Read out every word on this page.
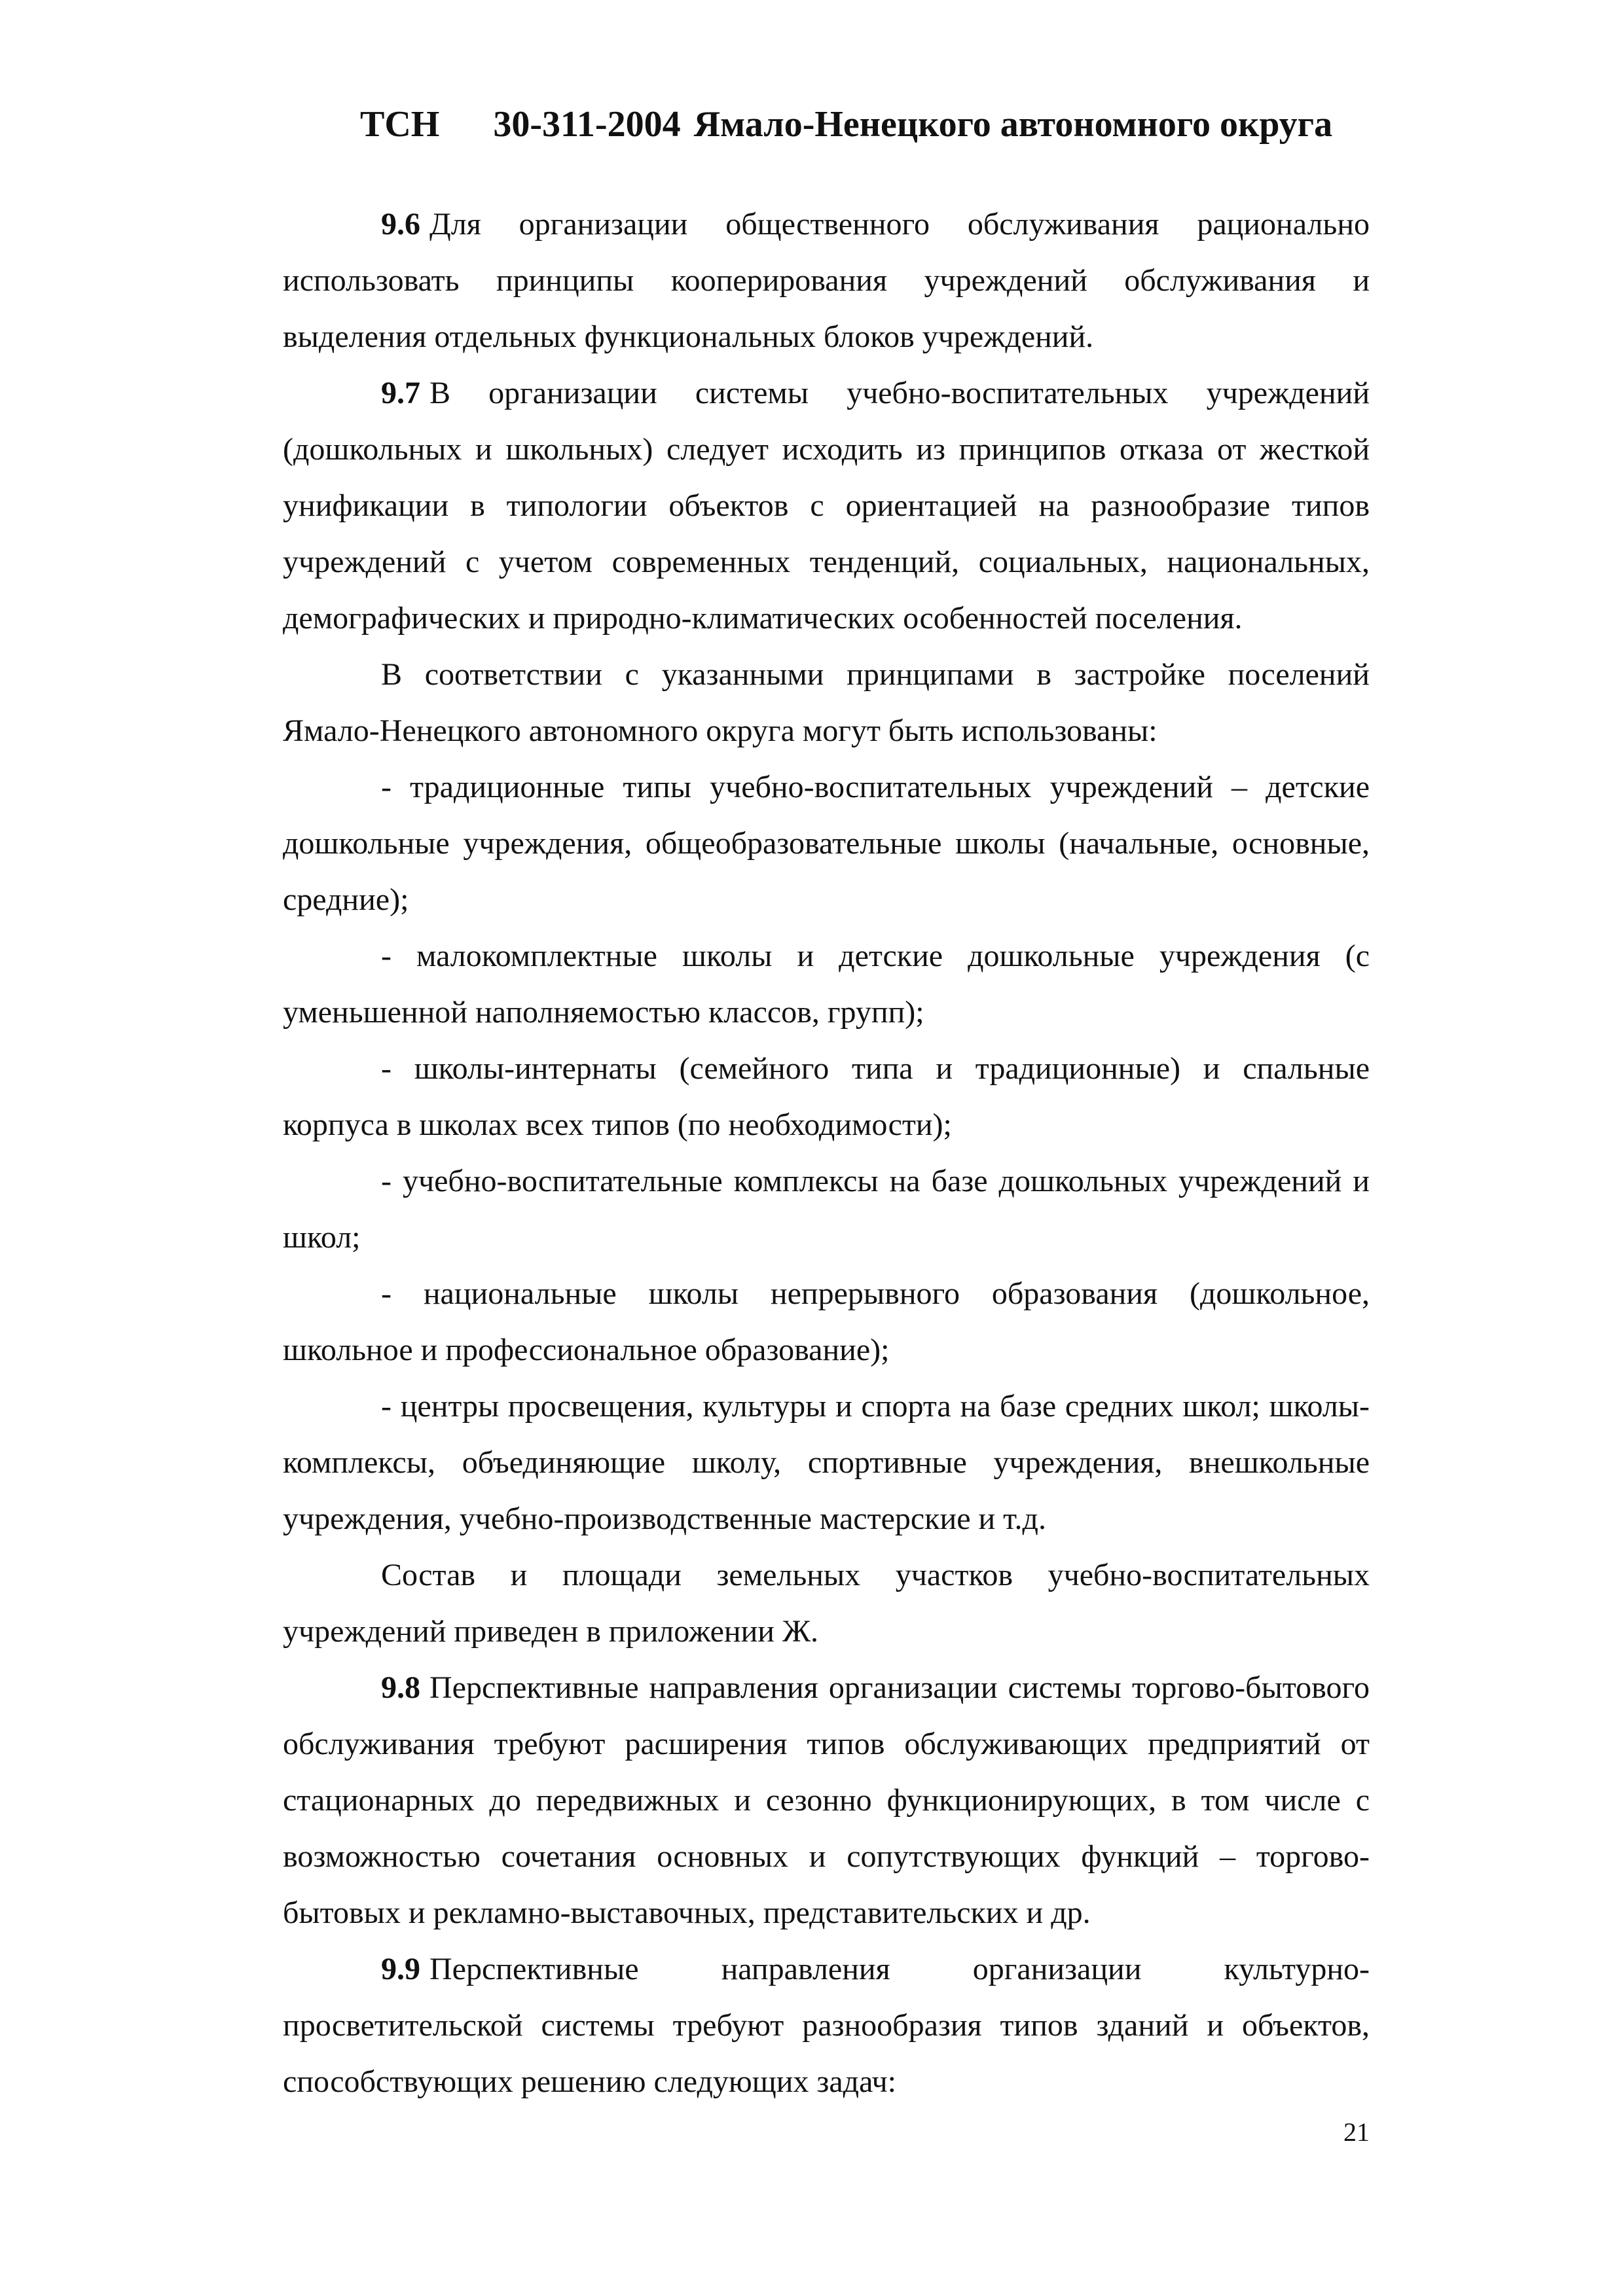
ТСН 30-311-2004 Ямало-Ненецкого автономного округа

9.6 Для организации общественного обслуживания рационально использовать принципы кооперирования учреждений обслуживания и выделения отдельных функциональных блоков учреждений.

9.7 В организации системы учебно-воспитательных учреждений (дошкольных и школьных) следует исходить из принципов отказа от жесткой унификации в типологии объектов с ориентацией на разнообразие типов учреждений с учетом современных тенденций, социальных, национальных, демографических и природно-климатических особенностей поселения.

В соответствии с указанными принципами в застройке поселений Ямало-Ненецкого автономного округа могут быть использованы:

- традиционные типы учебно-воспитательных учреждений – детские дошкольные учреждения, общеобразовательные школы (начальные, основные, средние);

- малокомплектные школы и детские дошкольные учреждения (с уменьшенной наполняемостью классов, групп);

- школы-интернаты (семейного типа и традиционные) и спальные корпуса в школах всех типов (по необходимости);

- учебно-воспитательные комплексы на базе дошкольных учреждений и школ;

- национальные школы непрерывного образования (дошкольное, школьное и профессиональное образование);

- центры просвещения, культуры и спорта на базе средних школ; школы-комплексы, объединяющие школу, спортивные учреждения, внешкольные учреждения, учебно-производственные мастерские и т.д.

Состав и площади земельных участков учебно-воспитательных учреждений приведен в приложении Ж.

9.8 Перспективные направления организации системы торгово-бытового обслуживания требуют расширения типов обслуживающих предприятий от стационарных до передвижных и сезонно функционирующих, в том числе с возможностью сочетания основных и сопутствующих функций – торгово-бытовых и рекламно-выставочных, представительских и др.

9.9 Перспективные направления организации культурно-просветительской системы требуют разнообразия типов зданий и объектов, способствующих решению следующих задач:

21
